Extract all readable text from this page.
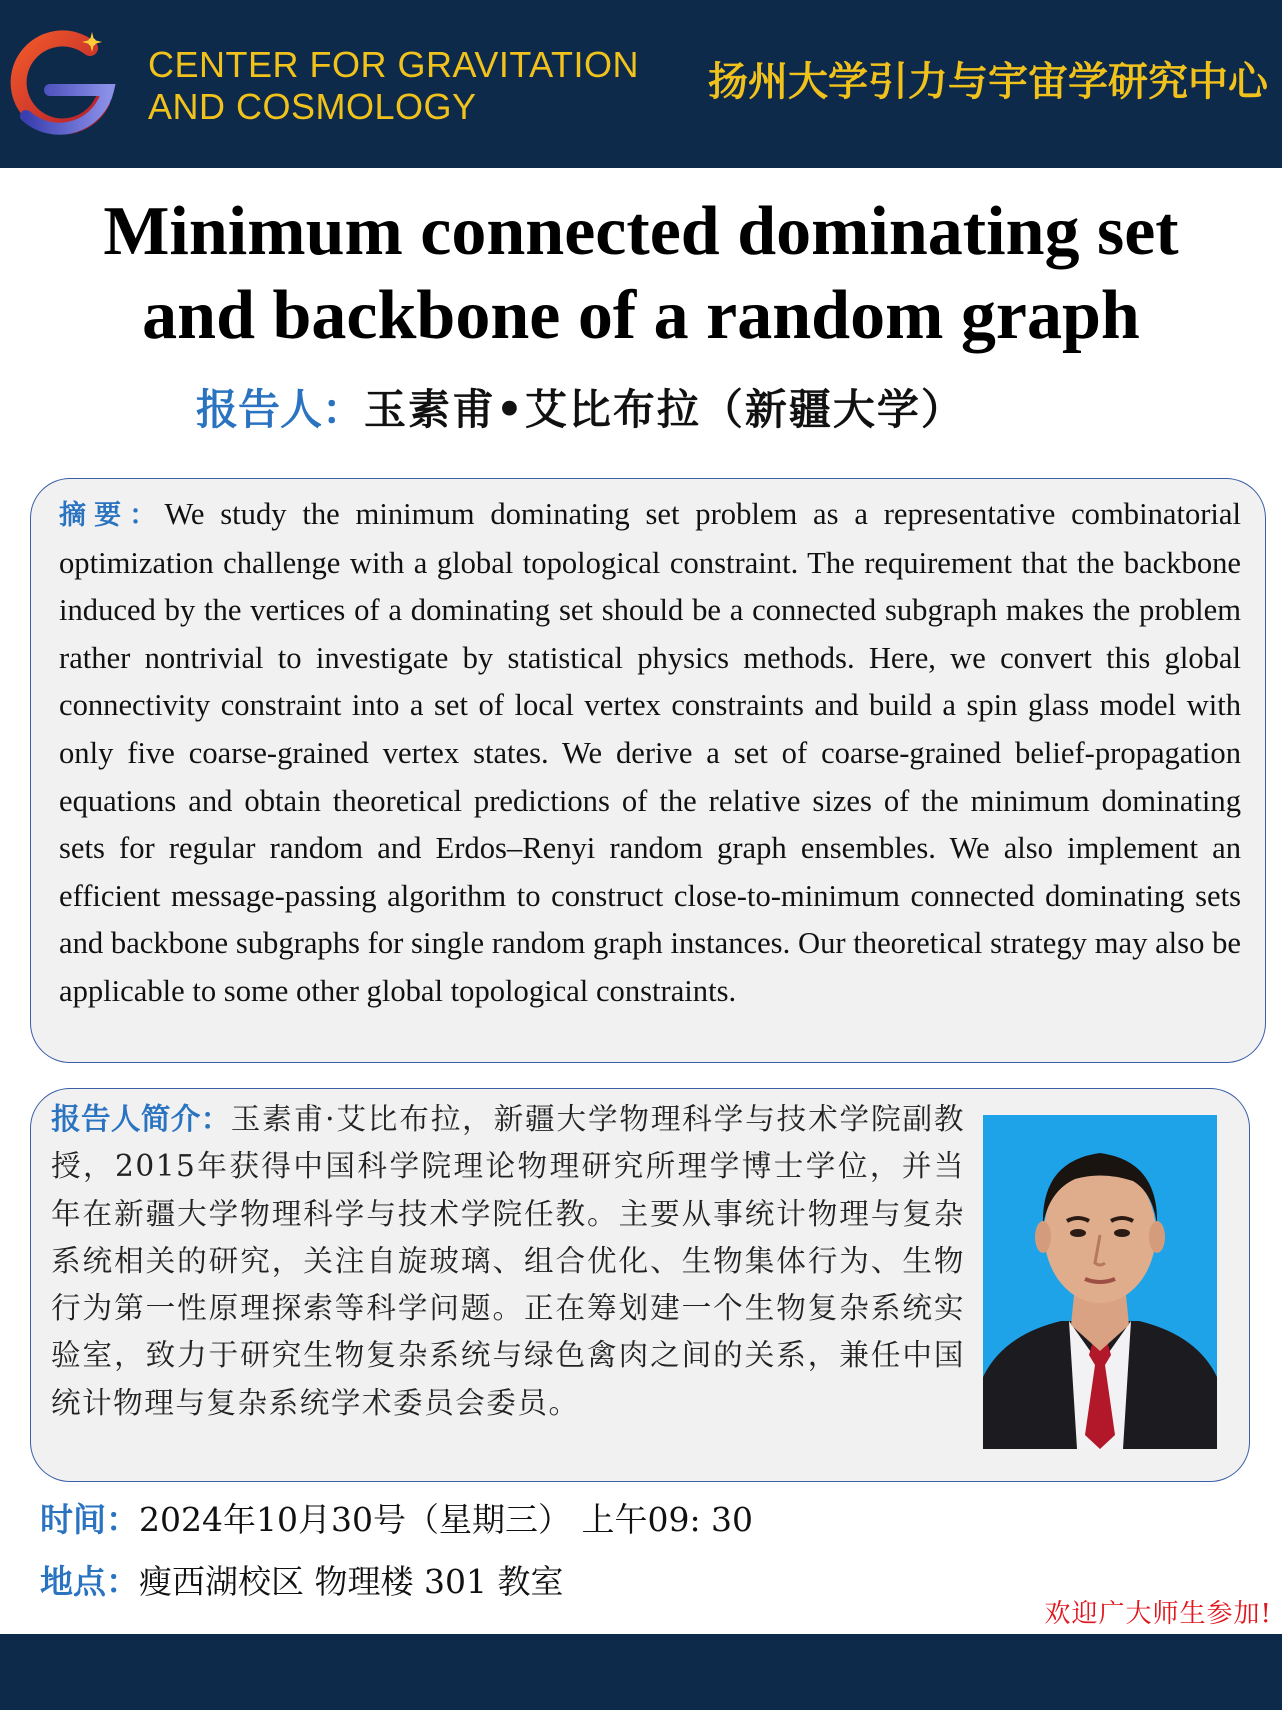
CENTER FOR GRAVITATION
AND COSMOLOGY
扬州大学引力与宇宙学研究中心
Minimum connected dominating set
and backbone of a random graph
报告人：玉素甫•艾比布拉（新疆大学）
摘要：We study the minimum dominating set problem as a representative combinatorial optimization challenge with a global topological constraint. The requirement that the backbone induced by the vertices of a dominating set should be a connected subgraph makes the problem rather nontrivial to investigate by statistical physics methods. Here, we convert this global connectivity constraint into a set of local vertex constraints and build a spin glass model with only five coarse-grained vertex states. We derive a set of coarse-grained belief-propagation equations and obtain theoretical predictions of the relative sizes of the minimum dominating sets for regular random and Erdos–Renyi random graph ensembles. We also implement an efficient message-passing algorithm to construct close-to-minimum connected dominating sets and backbone subgraphs for single random graph instances. Our theoretical strategy may also be applicable to some other global topological constraints.
报告人简介：玉素甫·艾比布拉，新疆大学物理科学与技术学院副教授，2015年获得中国科学院理论物理研究所理学博士学位，并当年在新疆大学物理科学与技术学院任教。主要从事统计物理与复杂系统相关的研究，关注自旋玻璃、组合优化、生物集体行为、生物行为第一性原理探索等科学问题。正在筹划建一个生物复杂系统实验室，致力于研究生物复杂系统与绿色禽肉之间的关系，兼任中国统计物理与复杂系统学术委员会委员。
时间：2024年10月30号（星期三） 上午09: 30
地点：瘦西湖校区 物理楼 301 教室
欢迎广大师生参加!
